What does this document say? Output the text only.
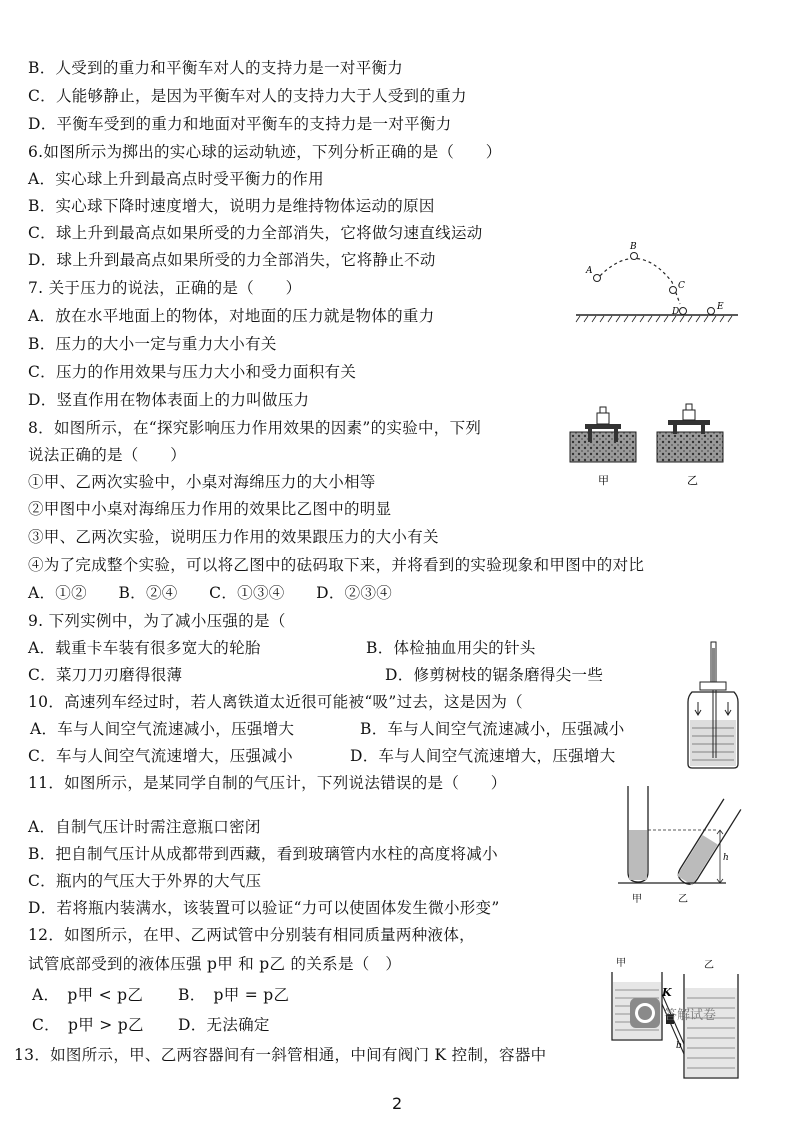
B．人受到的重力和平衡车对人的支持力是一对平衡力
C．人能够静止，是因为平衡车对人的支持力大于人受到的重力
D．平衡车受到的重力和地面对平衡车的支持力是一对平衡力
6.如图所示为掷出的实心球的运动轨迹，下列分析正确的是（　　）
A．实心球上升到最高点时受平衡力的作用
B．实心球下降时速度增大，说明力是维持物体运动的原因
C．球上升到最高点如果所受的力全部消失，它将做匀速直线运动
D．球上升到最高点如果所受的力全部消失，它将静止不动
7. 关于压力的说法，正确的是（　　）
A．放在水平地面上的物体，对地面的压力就是物体的重力
B．压力的大小一定与重力大小有关
C．压力的作用效果与压力大小和受力面积有关
D．竖直作用在物体表面上的力叫做压力
8．如图所示，在“探究影响压力作用效果的因素”的实验中，下列
说法正确的是（　　）
①甲、乙两次实验中，小桌对海绵压力的大小相等
②甲图中小桌对海绵压力作用的效果比乙图中的明显
③甲、乙两次实验，说明压力作用的效果跟压力的大小有关
④为了完成整个实验，可以将乙图中的砝码取下来，并将看到的实验现象和甲图中的对比
A．①②　　B．②④　　C．①③④　　D．②③④
9. 下列实例中，为了减小压强的是（
A．载重卡车装有很多宽大的轮胎	B．体检抽血用尖的针头
C．菜刀刀刃磨得很薄	D．修剪树枝的锯条磨得尖一些
10．高速列车经过时，若人离铁道太近很可能被“吸”过去，这是因为（
A．车与人间空气流速减小，压强增大	B．车与人间空气流速减小，压强减小
C．车与人间空气流速增大，压强减小	D．车与人间空气流速增大，压强增大
11．如图所示，是某同学自制的气压计，下列说法错误的是（　　）
A．自制气压计时需注意瓶口密闭
B．把自制气压计从成都带到西藏，看到玻璃管内水柱的高度将减小
C．瓶内的气压大于外界的大气压
D．若将瓶内装满水，该装置可以验证“力可以使固体发生微小形变”
12．如图所示，在甲、乙两试管中分别装有相同质量两种液体，
试管底部受到的液体压强 p甲 和 p乙 的关系是（　）
A．　p甲 < p乙 B．　p甲 = p乙
C．　p甲 > p乙 D．无法确定
13．如图所示，甲、乙两容器间有一斜管相通，中间有阀门 K 控制，容器中
A
B
C
D	E
甲	乙
h
甲	乙
甲	乙
K
b
答解试卷
2
